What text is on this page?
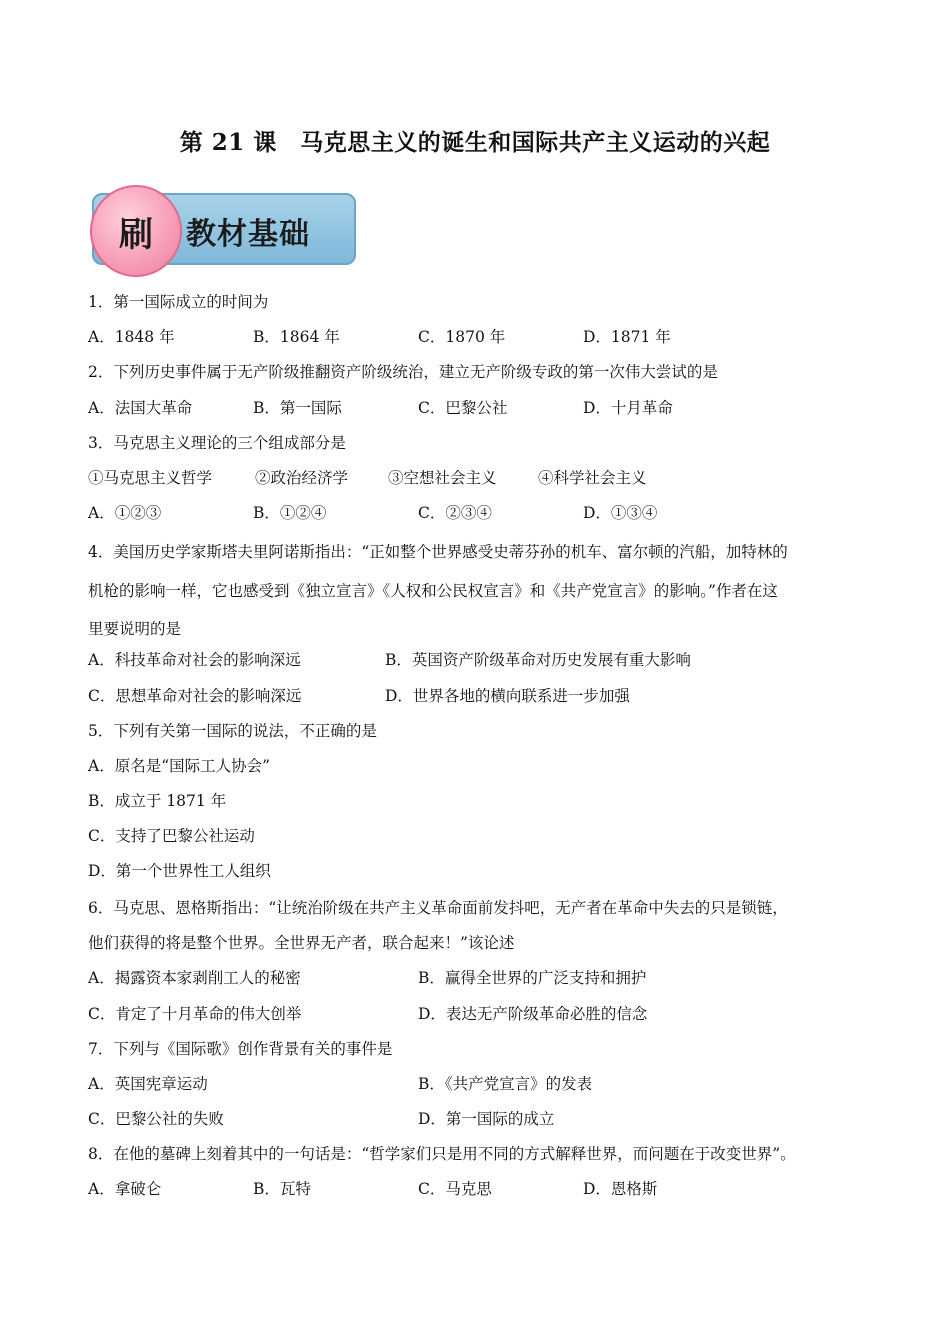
第 21 课　马克思主义的诞生和国际共产主义运动的兴起
刷	教材基础
1．第一国际成立的时间为
A．1848 年	B．1864 年	C．1870 年	D．1871 年
2．下列历史事件属于无产阶级推翻资产阶级统治，建立无产阶级专政的第一次伟大尝试的是
A．法国大革命	B．第一国际	C．巴黎公社	D．十月革命
3．马克思主义理论的三个组成部分是
①马克思主义哲学	②政治经济学	③空想社会主义	④科学社会主义
A．①②③	B．①②④	C．②③④	D．①③④
4．美国历史学家斯塔夫里阿诺斯指出：“正如整个世界感受史蒂芬孙的机车、富尔顿的汽船，加特林的
机枪的影响一样，它也感受到《独立宣言》《人权和公民权宣言》和《共产党宣言》的影响。”作者在这
里要说明的是
A．科技革命对社会的影响深远	B．英国资产阶级革命对历史发展有重大影响
C．思想革命对社会的影响深远	D．世界各地的横向联系进一步加强
5．下列有关第一国际的说法，不正确的是
A．原名是“国际工人协会”
B．成立于 1871 年
C．支持了巴黎公社运动
D．第一个世界性工人组织
6．马克思、恩格斯指出：“让统治阶级在共产主义革命面前发抖吧，无产者在革命中失去的只是锁链，
他们获得的将是整个世界。全世界无产者，联合起来！”该论述
A．揭露资本家剥削工人的秘密	B．赢得全世界的广泛支持和拥护
C．肯定了十月革命的伟大创举	D．表达无产阶级革命必胜的信念
7．下列与《国际歌》创作背景有关的事件是
A．英国宪章运动	B．《共产党宣言》的发表
C．巴黎公社的失败	D．第一国际的成立
8．在他的墓碑上刻着其中的一句话是：“哲学家们只是用不同的方式解释世界，而问题在于改变世界”。
A．拿破仑	B．瓦特	C．马克思	D．恩格斯
